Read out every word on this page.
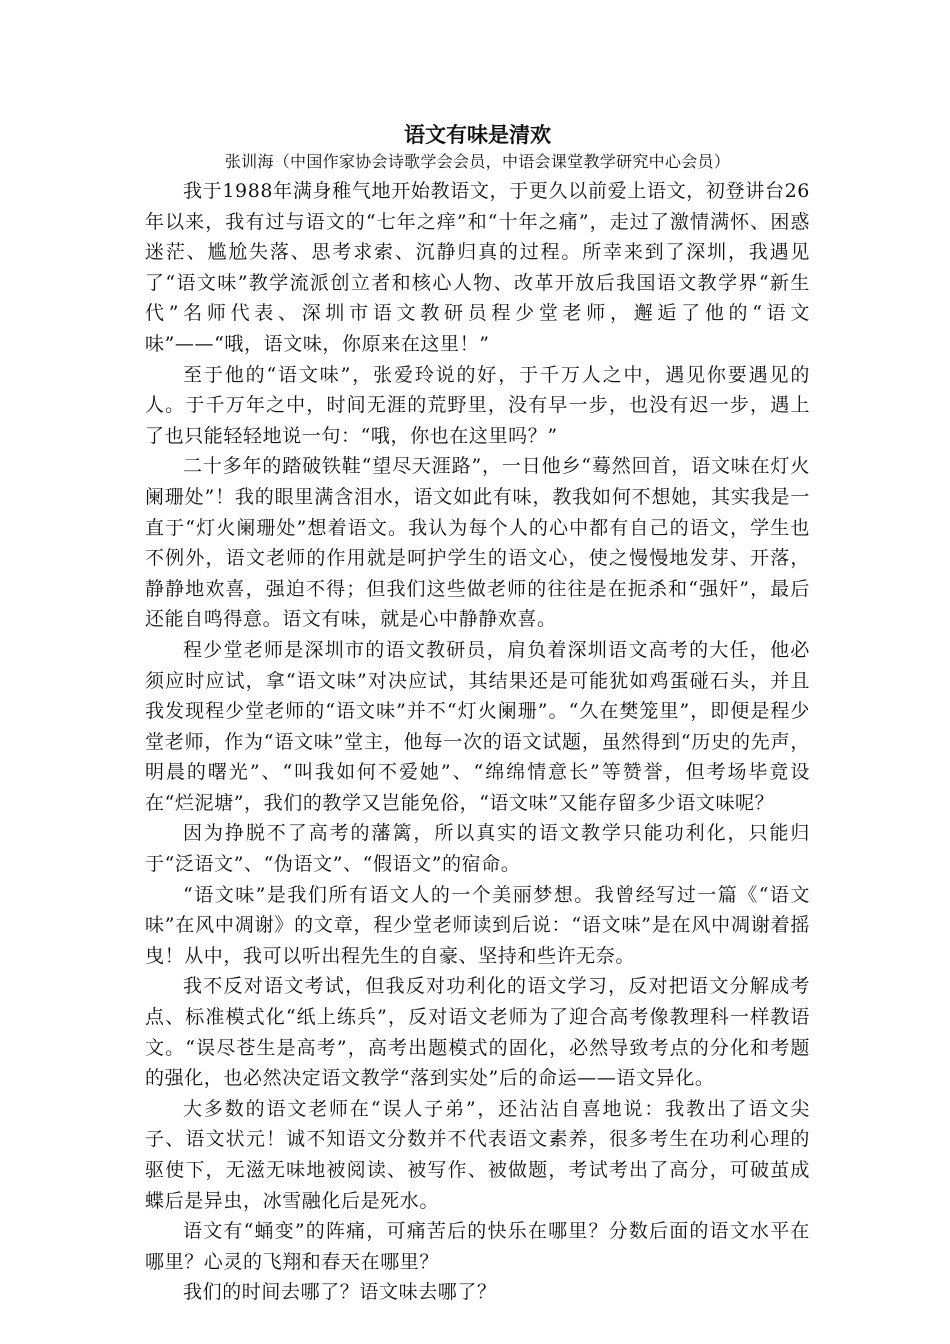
语文有味是清欢

张训海（中国作家协会诗歌学会会员，中语会课堂教学研究中心会员）

我于1988年满身稚气地开始教语文，于更久以前爱上语文，初登讲台26年以来，我有过与语文的“七年之痒”和“十年之痛”，走过了激情满怀、困惑迷茫、尴尬失落、思考求索、沉静归真的过程。所幸来到了深圳，我遇见了“语文味”教学流派创立者和核心人物、改革开放后我国语文教学界“新生代”名师代表、深圳市语文教研员程少堂老师，邂逅了他的“语文味”——“哦，语文味，你原来在这里！”

至于他的“语文味”，张爱玲说的好，于千万人之中，遇见你要遇见的人。于千万年之中，时间无涯的荒野里，没有早一步，也没有迟一步，遇上了也只能轻轻地说一句：“哦，你也在这里吗？”

二十多年的踏破铁鞋“望尽天涯路”，一日他乡“蓦然回首，语文味在灯火阑珊处”！我的眼里满含泪水，语文如此有味，教我如何不想她，其实我是一直于“灯火阑珊处”想着语文。我认为每个人的心中都有自己的语文，学生也不例外，语文老师的作用就是呵护学生的语文心，使之慢慢地发芽、开落，静静地欢喜，强迫不得；但我们这些做老师的往往是在扼杀和“强奸”，最后还能自鸣得意。语文有味，就是心中静静欢喜。

程少堂老师是深圳市的语文教研员，肩负着深圳语文高考的大任，他必须应时应试，拿“语文味”对决应试，其结果还是可能犹如鸡蛋碰石头，并且我发现程少堂老师的“语文味”并不“灯火阑珊”。“久在樊笼里”，即便是程少堂老师，作为“语文味”堂主，他每一次的语文试题，虽然得到“历史的先声，明晨的曙光”、“叫我如何不爱她”、“绵绵情意长”等赞誉，但考场毕竟设在“烂泥塘”，我们的教学又岂能免俗，“语文味”又能存留多少语文味呢？

因为挣脱不了高考的藩篱，所以真实的语文教学只能功利化，只能归于“泛语文”、“伪语文”、“假语文”的宿命。

“语文味”是我们所有语文人的一个美丽梦想。我曾经写过一篇《“语文味”在风中凋谢》的文章，程少堂老师读到后说：“语文味”是在风中凋谢着摇曳！从中，我可以听出程先生的自豪、坚持和些许无奈。

我不反对语文考试，但我反对功利化的语文学习，反对把语文分解成考点、标准模式化“纸上练兵”，反对语文老师为了迎合高考像教理科一样教语文。“误尽苍生是高考”，高考出题模式的固化，必然导致考点的分化和考题的强化，也必然决定语文教学“落到实处”后的命运——语文异化。

大多数的语文老师在“误人子弟”，还沾沾自喜地说：我教出了语文尖子、语文状元！诚不知语文分数并不代表语文素养，很多考生在功利心理的驱使下，无滋无味地被阅读、被写作、被做题，考试考出了高分，可破茧成蝶后是异虫，冰雪融化后是死水。

语文有“蛹变”的阵痛，可痛苦后的快乐在哪里？分数后面的语文水平在哪里？心灵的飞翔和春天在哪里？

我们的时间去哪了？语文味去哪了？
